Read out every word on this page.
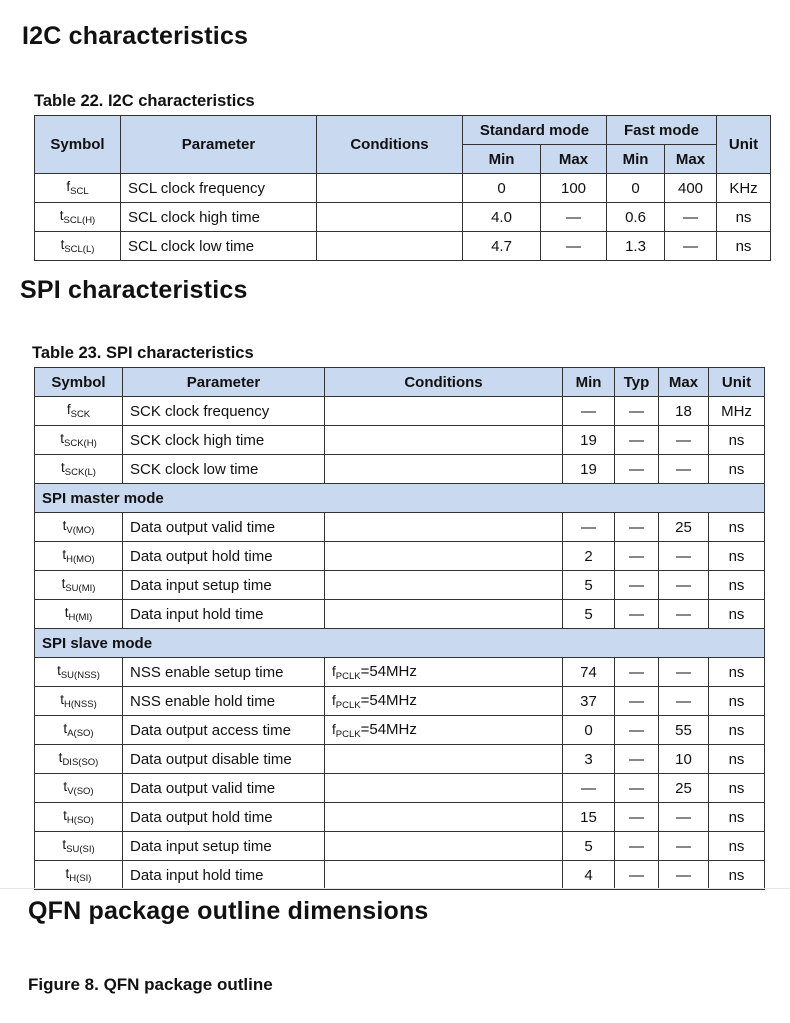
I2C characteristics
Table 22. I2C characteristics
Symbol	Parameter	Conditions	Standard mode		Fast mode		Unit
			Min	Max	Min	Max	
$f_{SCL}$	SCL clock frequency		0	100	0	400	KHz
$t_{SCL(H)}$	SCL clock high time		4.0	—	0.6	—	ns
$t_{SCL(L)}$	SCL clock low time		4.7	—	1.3	—	ns
SPI characteristics
Table 23. SPI characteristics
Symbol	Parameter	Conditions	Min	Typ	Max	Unit
$f_{SCK}$	SCK clock frequency		—	—	18	MHz
$t_{SCK(H)}$	SCK clock high time		19	—	—	ns
$t_{SCK(L)}$	SCK clock low time		19	—	—	ns
SPI master mode						
$t_{V(MO)}$	Data output valid time		—	—	25	ns
$t_{H(MO)}$	Data output hold time		2	—	—	ns
$t_{SU(MI)}$	Data input setup time		5	—	—	ns
$t_{H(MI)}$	Data input hold time		5	—	—	ns
SPI slave mode						
$t_{SU(NSS)}$	NSS enable setup time	$f_{PCLK}=54MHz$	74	—	—	ns
$t_{H(NSS)}$	NSS enable hold time	$f_{PCLK}=54MHz$	37	—	—	ns
$t_{A(SO)}$	Data output access time	$f_{PCLK}=54MHz$	0	—	55	ns
$t_{DIS(SO)}$	Data output disable time		3	—	10	ns
$t_{V(SO)}$	Data output valid time		—	—	25	ns
$t_{H(SO)}$	Data output hold time		15	—	—	ns
$t_{SU(SI)}$	Data input setup time		5	—	—	ns
$t_{H(SI)}$	Data input hold time		4	—	—	ns
QFN package outline dimensions
Figure 8. QFN package outline
